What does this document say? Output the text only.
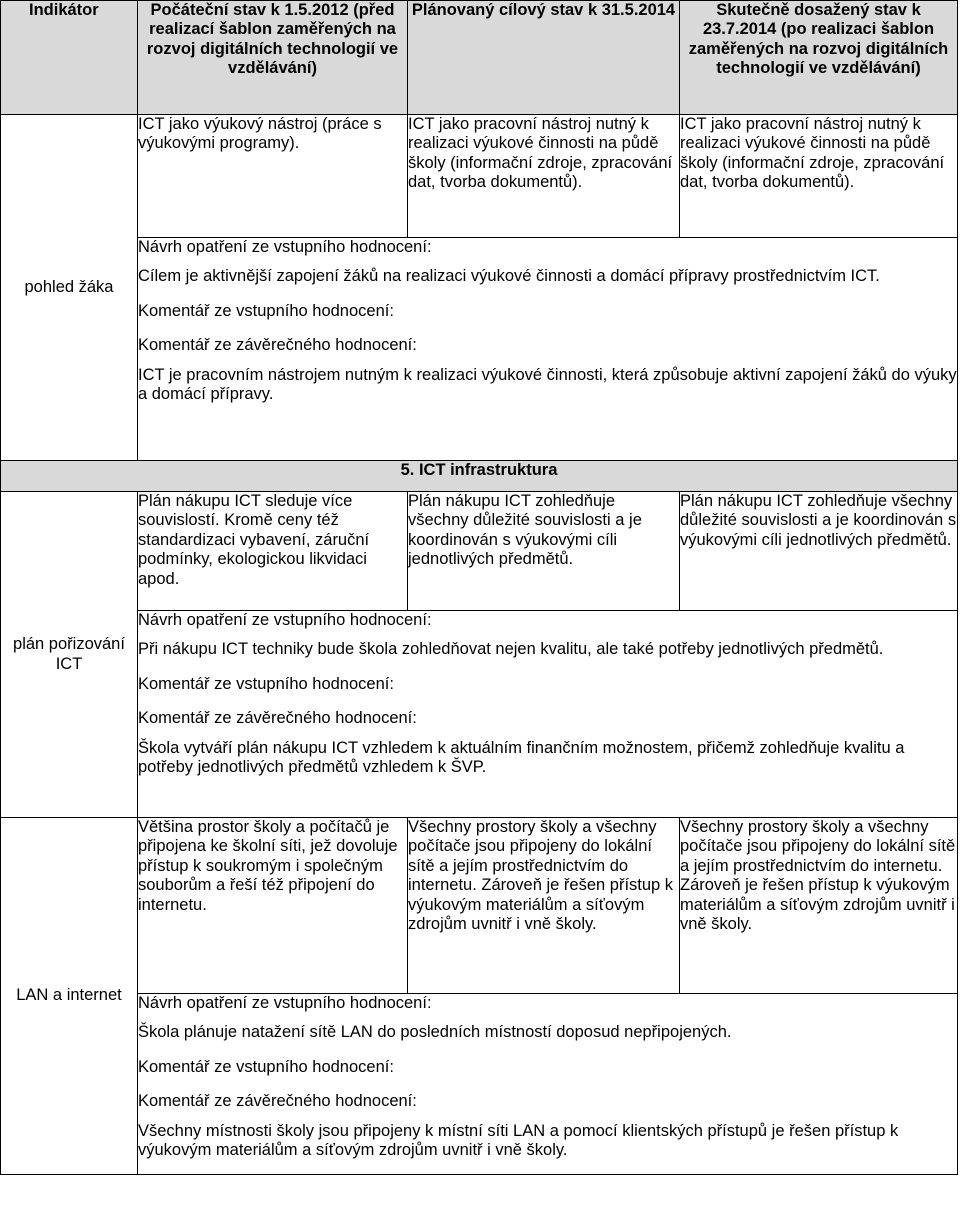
Indikátor	Počáteční stav k 1.5.2012 (před realizací šablon zaměřených na rozvoj digitálních technologií ve vzdělávání)	Plánovaný cílový stav k 31.5.2014	Skutečně dosažený stav k 23.7.2014 (po realizaci šablon zaměřených na rozvoj digitálních technologií ve vzdělávání)
pohled žáka	ICT jako výukový nástroj (práce s výukovými programy).	ICT jako pracovní nástroj nutný k realizaci výukové činnosti na půdě školy (informační zdroje, zpracování dat, tvorba dokumentů).	ICT jako pracovní nástroj nutný k realizaci výukové činnosti na půdě školy (informační zdroje, zpracování dat, tvorba dokumentů).

	Návrh opatření ze vstupního hodnocení:

Cílem je aktivnější zapojení žáků na realizaci výukové činnosti a domácí přípravy prostřednictvím ICT.

Komentář ze vstupního hodnocení:

Komentář ze závěrečného hodnocení:

ICT je pracovním nástrojem nutným k realizaci výukové činnosti, která způsobuje aktivní zapojení žáků do výuky a domácí přípravy.		

5. ICT infrastruktura			
plán pořizování ICT	Plán nákupu ICT sleduje více souvislostí. Kromě ceny též standardizaci vybavení, záruční podmínky, ekologickou likvidaci apod.	Plán nákupu ICT zohledňuje všechny důležité souvislosti a je koordinován s výukovými cíli jednotlivých předmětů.	Plán nákupu ICT zohledňuje všechny důležité souvislosti a je koordinován s výukovými cíli jednotlivých předmětů.

	Návrh opatření ze vstupního hodnocení:

Při nákupu ICT techniky bude škola zohledňovat nejen kvalitu, ale také potřeby jednotlivých předmětů.

Komentář ze vstupního hodnocení:

Komentář ze závěrečného hodnocení:

Škola vytváří plán nákupu ICT vzhledem k aktuálním finančním možnostem, přičemž zohledňuje kvalitu a potřeby jednotlivých předmětů vzhledem k ŠVP.		

LAN a internet	Většina prostor školy a počítačů je připojena ke školní síti, jež dovoluje přístup k soukromým i společným souborům a řeší též připojení do internetu.	Všechny prostory školy a všechny počítače jsou připojeny do lokální sítě a jejím prostřednictvím do internetu. Zároveň je řešen přístup k výukovým materiálům a síťovým zdrojům uvnitř i vně školy.	Všechny prostory školy a všechny počítače jsou připojeny do lokální sítě a jejím prostřednictvím do internetu. Zároveň je řešen přístup k výukovým materiálům a síťovým zdrojům uvnitř i vně školy.

	Návrh opatření ze vstupního hodnocení:

Škola plánuje natažení sítě LAN do posledních místností doposud nepřipojených.

Komentář ze vstupního hodnocení:

Komentář ze závěrečného hodnocení:

Všechny místnosti školy jsou připojeny k místní síti LAN a pomocí klientských přístupů je řešen přístup k výukovým materiálům a síťovým zdrojům uvnitř i vně školy.		
